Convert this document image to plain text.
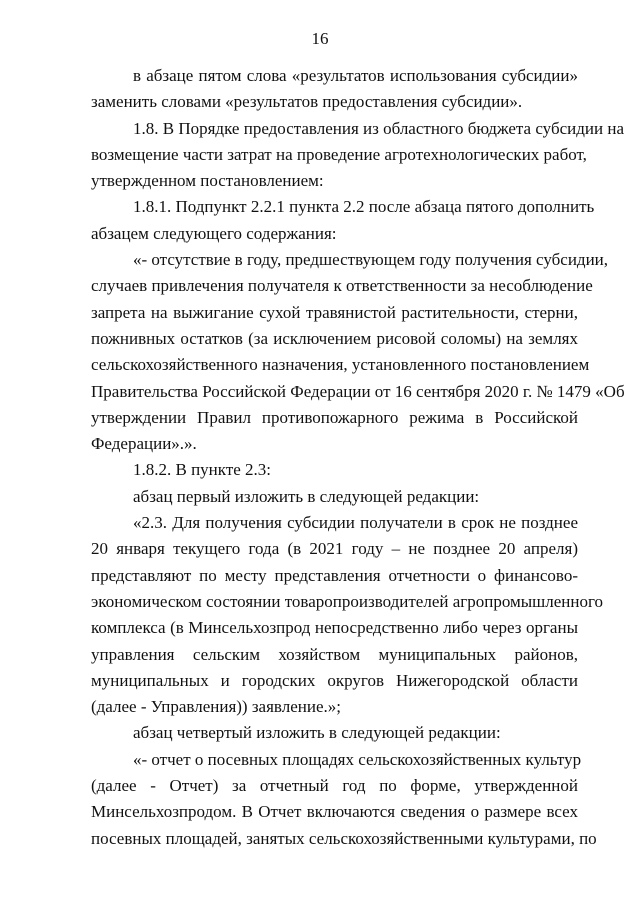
16
в абзаце пятом слова «результатов использования субсидии»
заменить словами «результатов предоставления субсидии».
1.8. В Порядке предоставления из областного бюджета субсидии на
возмещение части затрат на проведение агротехнологических работ,
утвержденном постановлением:
1.8.1. Подпункт 2.2.1 пункта 2.2 после абзаца пятого дополнить
абзацем следующего содержания:
«- отсутствие в году, предшествующем году получения субсидии,
случаев привлечения получателя к ответственности за несоблюдение
запрета на выжигание сухой травянистой растительности, стерни,
пожнивных остатков (за исключением рисовой соломы) на землях
сельскохозяйственного назначения, установленного постановлением
Правительства Российской Федерации от 16 сентября 2020 г. № 1479 «Об
утверждении Правил противопожарного режима в Российской
Федерации».».
1.8.2. В пункте 2.3:
абзац первый изложить в следующей редакции:
«2.3. Для получения субсидии получатели в срок не позднее
20 января текущего года (в 2021 году – не позднее 20 апреля)
представляют по месту представления отчетности о финансово-
экономическом состоянии товаропроизводителей агропромышленного
комплекса (в Минсельхозпрод непосредственно либо через органы
управления сельским хозяйством муниципальных районов,
муниципальных и городских округов Нижегородской области
(далее - Управления)) заявление.»;
абзац четвертый изложить в следующей редакции:
«- отчет о посевных площадях сельскохозяйственных культур
(далее - Отчет) за отчетный год по форме, утвержденной
Минсельхозпродом. В Отчет включаются сведения о размере всех
посевных площадей, занятых сельскохозяйственными культурами, по
